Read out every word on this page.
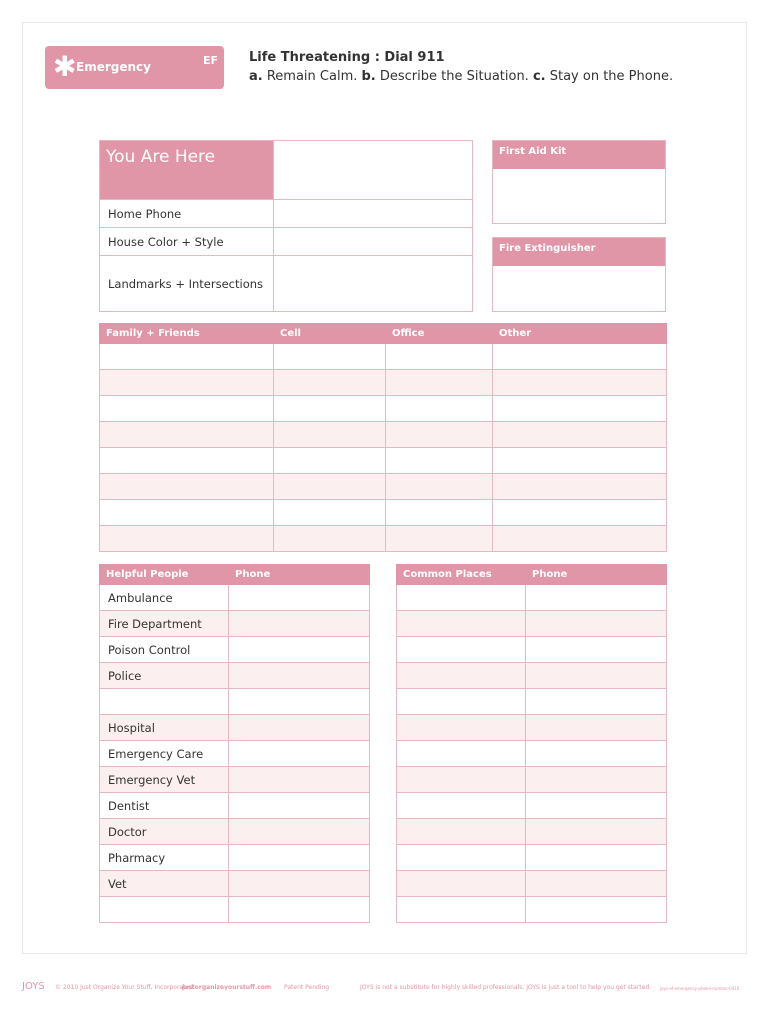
✱ Emergency	EF Life Threatening : Dial 911
a. Remain Calm. b. Describe the Situation. c. Stay on the Phone.
You Are Here	
Home Phone	
House Color + Style	
Landmarks + Intersections	
First Aid Kit
Fire Extinguisher
Family + Friends	Cell	Office	Other

Helpful People	Phone
Ambulance	
Fire Department	
Poison Control	
Police	

Hospital	
Emergency Care	
Emergency Vet	
Dentist	
Doctor	
Pharmacy	
Vet	

Common Places	Phone

JOYS © 2010 Just Organize Your Stuff, Incorporated
justorganizeyourstuff.com Patent Pending	JOYS is not a substitute for highly skilled professionals. JOYS is just a tool to help you get started. joys-ef-emergency-phone-number-0410
